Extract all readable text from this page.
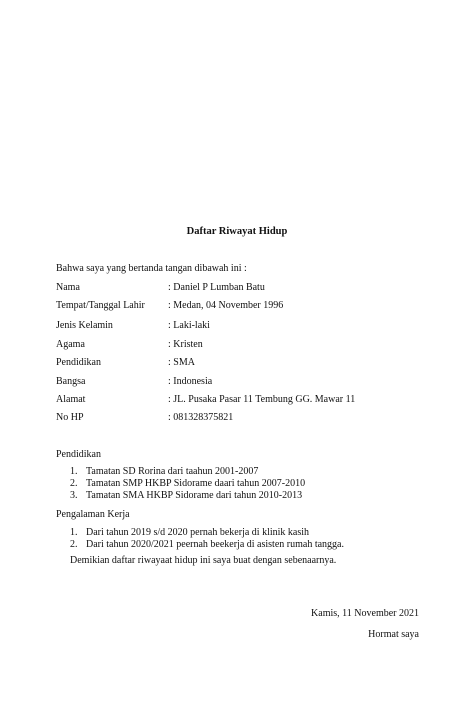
Daftar Riwayat Hidup
Bahwa saya yang bertanda tangan dibawah ini :
Nama	: Daniel P Lumban Batu
Tempat/Tanggal Lahir : Medan, 04 November 1996
Jenis Kelamin	: Laki-laki
Agama	: Kristen
Pendidikan	: SMA
Bangsa	: Indonesia
Alamat	: JL. Pusaka Pasar 11 Tembung GG. Mawar 11
No HP	: 081328375821
Pendidikan
1. Tamatan SD Rorina dari taahun 2001-2007
2. Tamatan SMP HKBP Sidorame daari tahun 2007-2010
3. Tamatan SMA HKBP Sidorame dari tahun 2010-2013
Pengalaman Kerja
1. Dari tahun 2019 s/d 2020 pernah bekerja di klinik kasih
2. Dari tahun 2020/2021 peernah beekerja di asisten rumah tangga.
Demikian daftar riwayaat hidup ini saya buat dengan sebenaarnya.
Kamis, 11 November 2021
Hormat saya
